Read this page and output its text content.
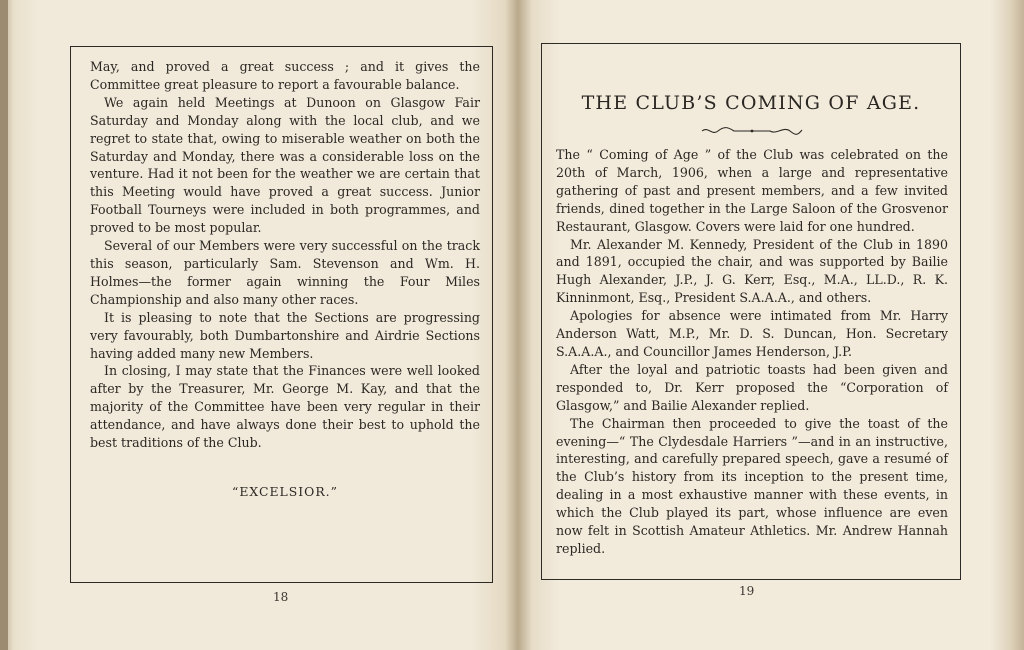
May, and proved a great success ; and it gives the Committee great pleasure to report a favourable balance.

We again held Meetings at Dunoon on Glasgow Fair Saturday and Monday along with the local club, and we regret to state that, owing to miserable weather on both the Saturday and Monday, there was a considerable loss on the venture. Had it not been for the weather we are certain that this Meeting would have proved a great success. Junior Football Tourneys were included in both programmes, and proved to be most popular.

Several of our Members were very successful on the track this season, particularly Sam. Stevenson and Wm. H. Holmes—the former again winning the Four Miles Championship and also many other races.

It is pleasing to note that the Sections are progressing very favourably, both Dumbartonshire and Airdrie Sections having added many new Members.

In closing, I may state that the Finances were well looked after by the Treasurer, Mr. George M. Kay, and that the majority of the Committee have been very regular in their attendance, and have always done their best to uphold the best traditions of the Club.

“EXCELSIOR.”
18
THE CLUB’S COMING OF AGE.

The “ Coming of Age ” of the Club was celebrated on the 20th of March, 1906, when a large and representative gathering of past and present members, and a few invited friends, dined together in the Large Saloon of the Grosvenor Restaurant, Glasgow. Covers were laid for one hundred.

Mr. Alexander M. Kennedy, President of the Club in 1890 and 1891, occupied the chair, and was supported by Bailie Hugh Alexander, J.P., J. G. Kerr, Esq., M.A., LL.D., R. K. Kinninmont, Esq., President S.A.A.A., and others.

Apologies for absence were intimated from Mr. Harry Anderson Watt, M.P., Mr. D. S. Duncan, Hon. Secretary S.A.A.A., and Councillor James Henderson, J.P.

After the loyal and patriotic toasts had been given and responded to, Dr. Kerr proposed the “Corporation of Glasgow,” and Bailie Alexander replied.

The Chairman then proceeded to give the toast of the evening—“ The Clydesdale Harriers ”—and in an instructive, interesting, and carefully prepared speech, gave a resumé of the Club’s history from its inception to the present time, dealing in a most exhaustive manner with these events, in which the Club played its part, whose influence are even now felt in Scottish Amateur Athletics. Mr. Andrew Hannah replied.

19
